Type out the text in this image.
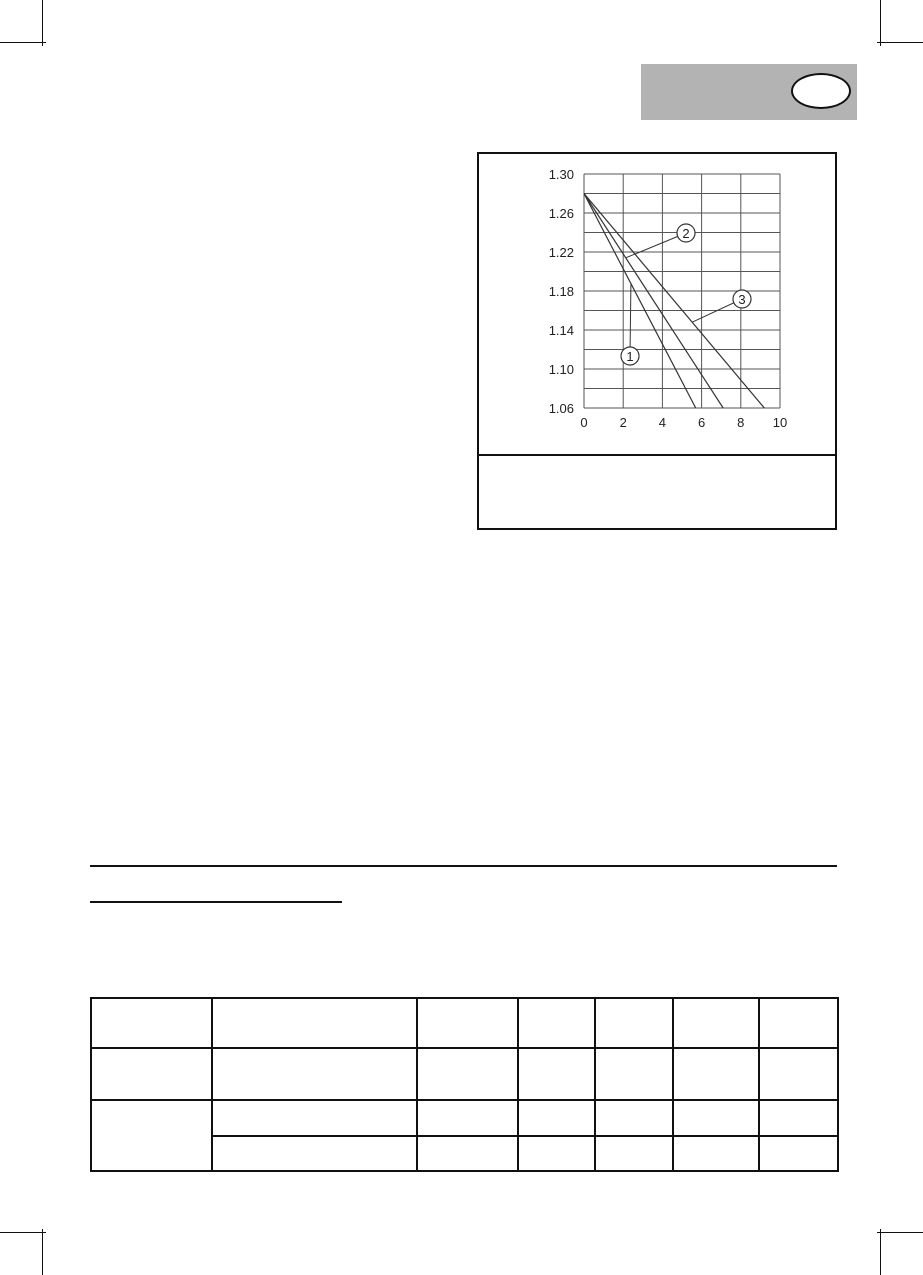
1
2
3
1.30
1.26
1.22
1.18
1.14
1.10
1.06
0 2 4 6 8 10
